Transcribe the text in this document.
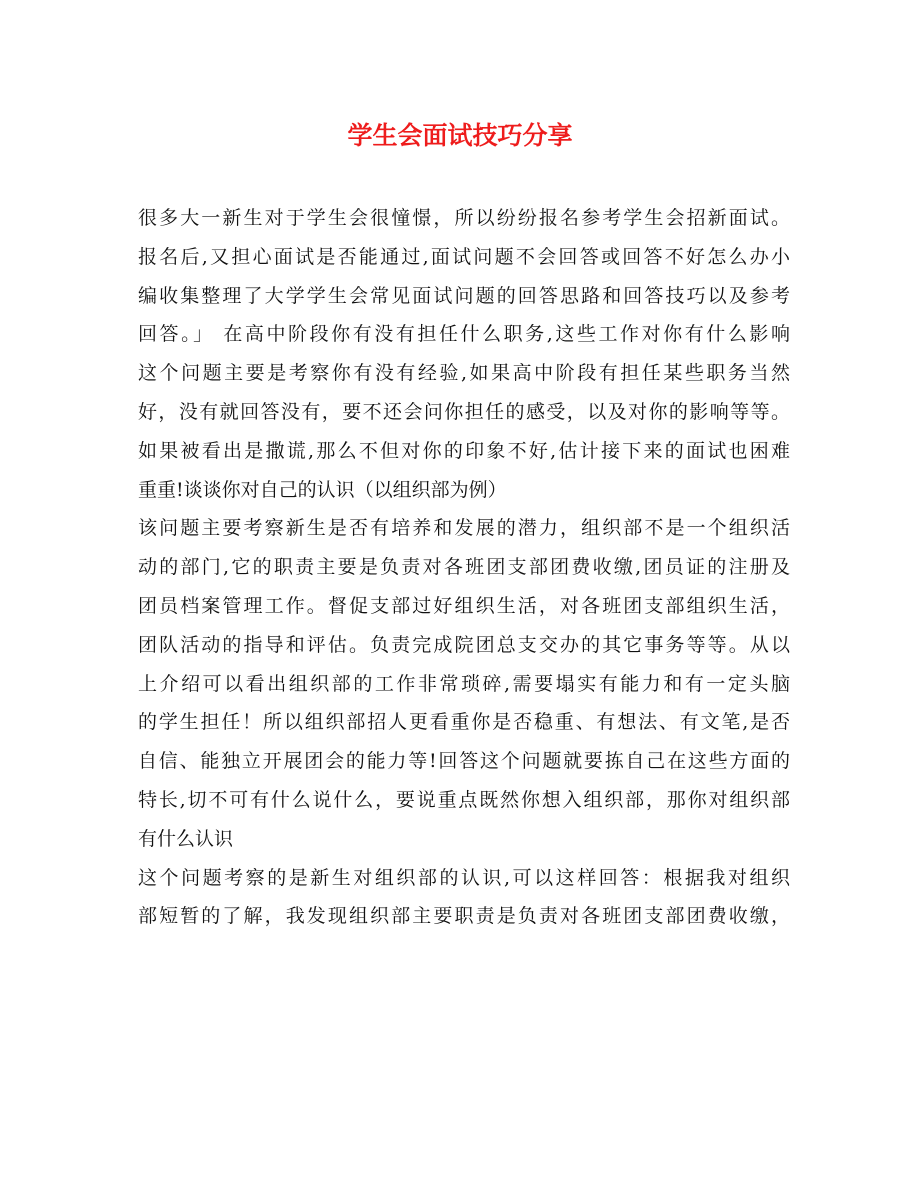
学生会面试技巧分享
很多大一新生对于学生会很憧憬，所以纷纷报名参考学生会招新面试。
报名后,又担心面试是否能通过,面试问题不会回答或回答不好怎么办小
编收集整理了大学学生会常见面试问题的回答思路和回答技巧以及参考
回答。」 在高中阶段你有没有担任什么职务,这些工作对你有什么影响
这个问题主要是考察你有没有经验,如果高中阶段有担任某些职务当然
好，没有就回答没有，要不还会问你担任的感受，以及对你的影响等等。
如果被看出是撒谎,那么不但对你的印象不好,估计接下来的面试也困难
重重!谈谈你对自己的认识（以组织部为例）
该问题主要考察新生是否有培养和发展的潜力，组织部不是一个组织活
动的部门,它的职责主要是负责对各班团支部团费收缴,团员证的注册及
团员档案管理工作。督促支部过好组织生活，对各班团支部组织生活，
团队活动的指导和评估。负责完成院团总支交办的其它事务等等。从以
上介绍可以看出组织部的工作非常琐碎,需要塌实有能力和有一定头脑
的学生担任！所以组织部招人更看重你是否稳重、有想法、有文笔,是否
自信、能独立开展团会的能力等!回答这个问题就要拣自己在这些方面的
特长,切不可有什么说什么，要说重点既然你想入组织部，那你对组织部
有什么认识
这个问题考察的是新生对组织部的认识,可以这样回答：根据我对组织
部短暂的了解，我发现组织部主要职责是负责对各班团支部团费收缴，
